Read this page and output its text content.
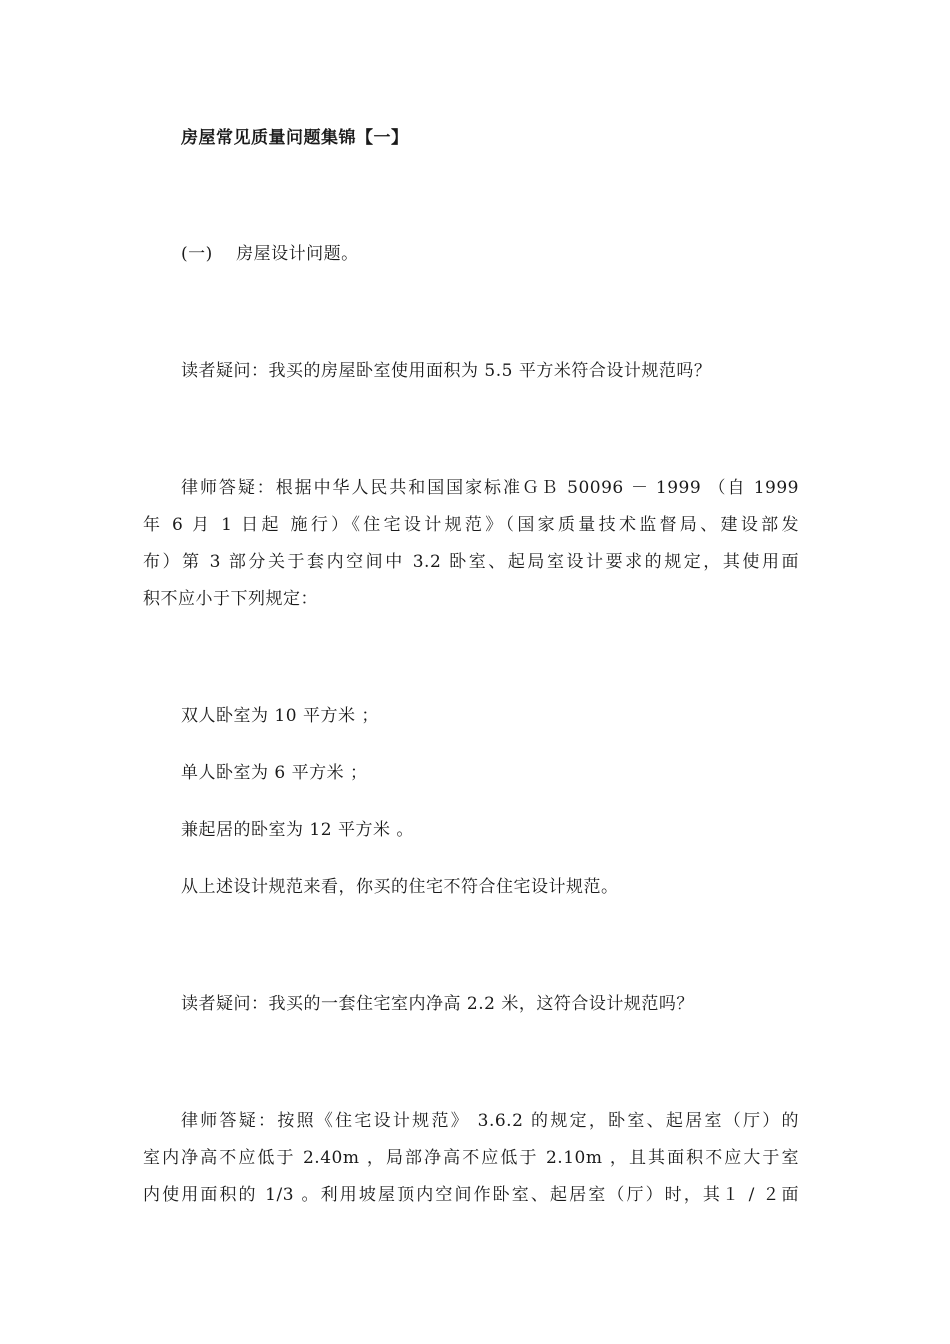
房屋常见质量问题集锦【一】
(一)　 房屋设计问题。
读者疑问：我买的房屋卧室使用面积为 5.5 平方米符合设计规范吗？
律师答疑：根据中华人民共和国国家标准ＧＢ 50096 － 1999 （自 1999
年 6 月 1 日起 施行）《住宅设计规范》（国家质量技术监督局、建设部发
布）第 3 部分关于套内空间中 3.2 卧室、起局室设计要求的规定，其使用面
积不应小于下列规定：
双人卧室为 10 平方米 ；
单人卧室为 6 平方米 ；
兼起居的卧室为 12 平方米 。
从上述设计规范来看，你买的住宅不符合住宅设计规范。
读者疑问：我买的一套住宅室内净高 2.2 米，这符合设计规范吗？
律师答疑：按照《住宅设计规范》 3.6.2 的规定，卧室、起居室（厅）的
室内净高不应低于 2.40m ，局部净高不应低于 2.10m ，且其面积不应大于室
内使用面积的 1/3 。利用坡屋顶内空间作卧室、起居室（厅）时，其１ / ２面
